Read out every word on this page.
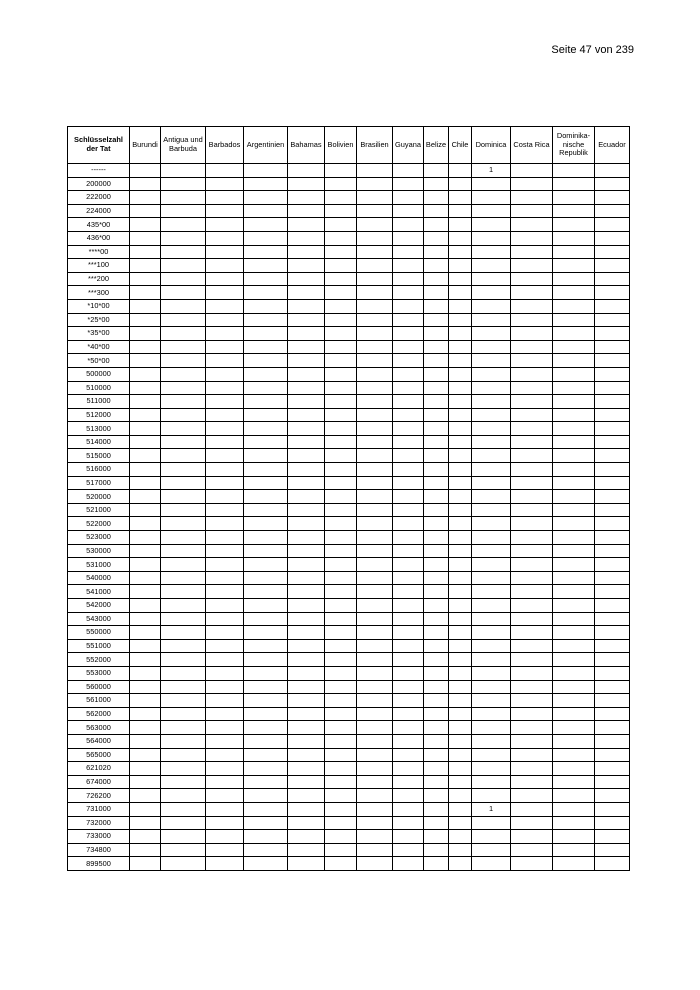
Seite 47 von 239
Schlüsselzahl der Tat	Burundi	Antigua und Barbuda	Barbados	Argentinien	Bahamas	Bolivien	Brasilien	Guyana	Belize	Chile	Dominica	Costa Rica	Dominika-nische Republik	Ecuador
------											1			
200000														
222000														
224000														
435*00														
436*00														
****00														
***100														
***200														
***300														
*10*00														
*25*00														
*35*00														
*40*00														
*50*00														
500000														
510000														
511000														
512000														
513000														
514000														
515000														
516000														
517000														
520000														
521000														
522000														
523000														
530000														
531000														
540000														
541000														
542000														
543000														
550000														
551000														
552000														
553000														
560000														
561000														
562000														
563000														
564000														
565000														
621020														
674000														
726200														
731000											1			
732000														
733000														
734800														
899500														
